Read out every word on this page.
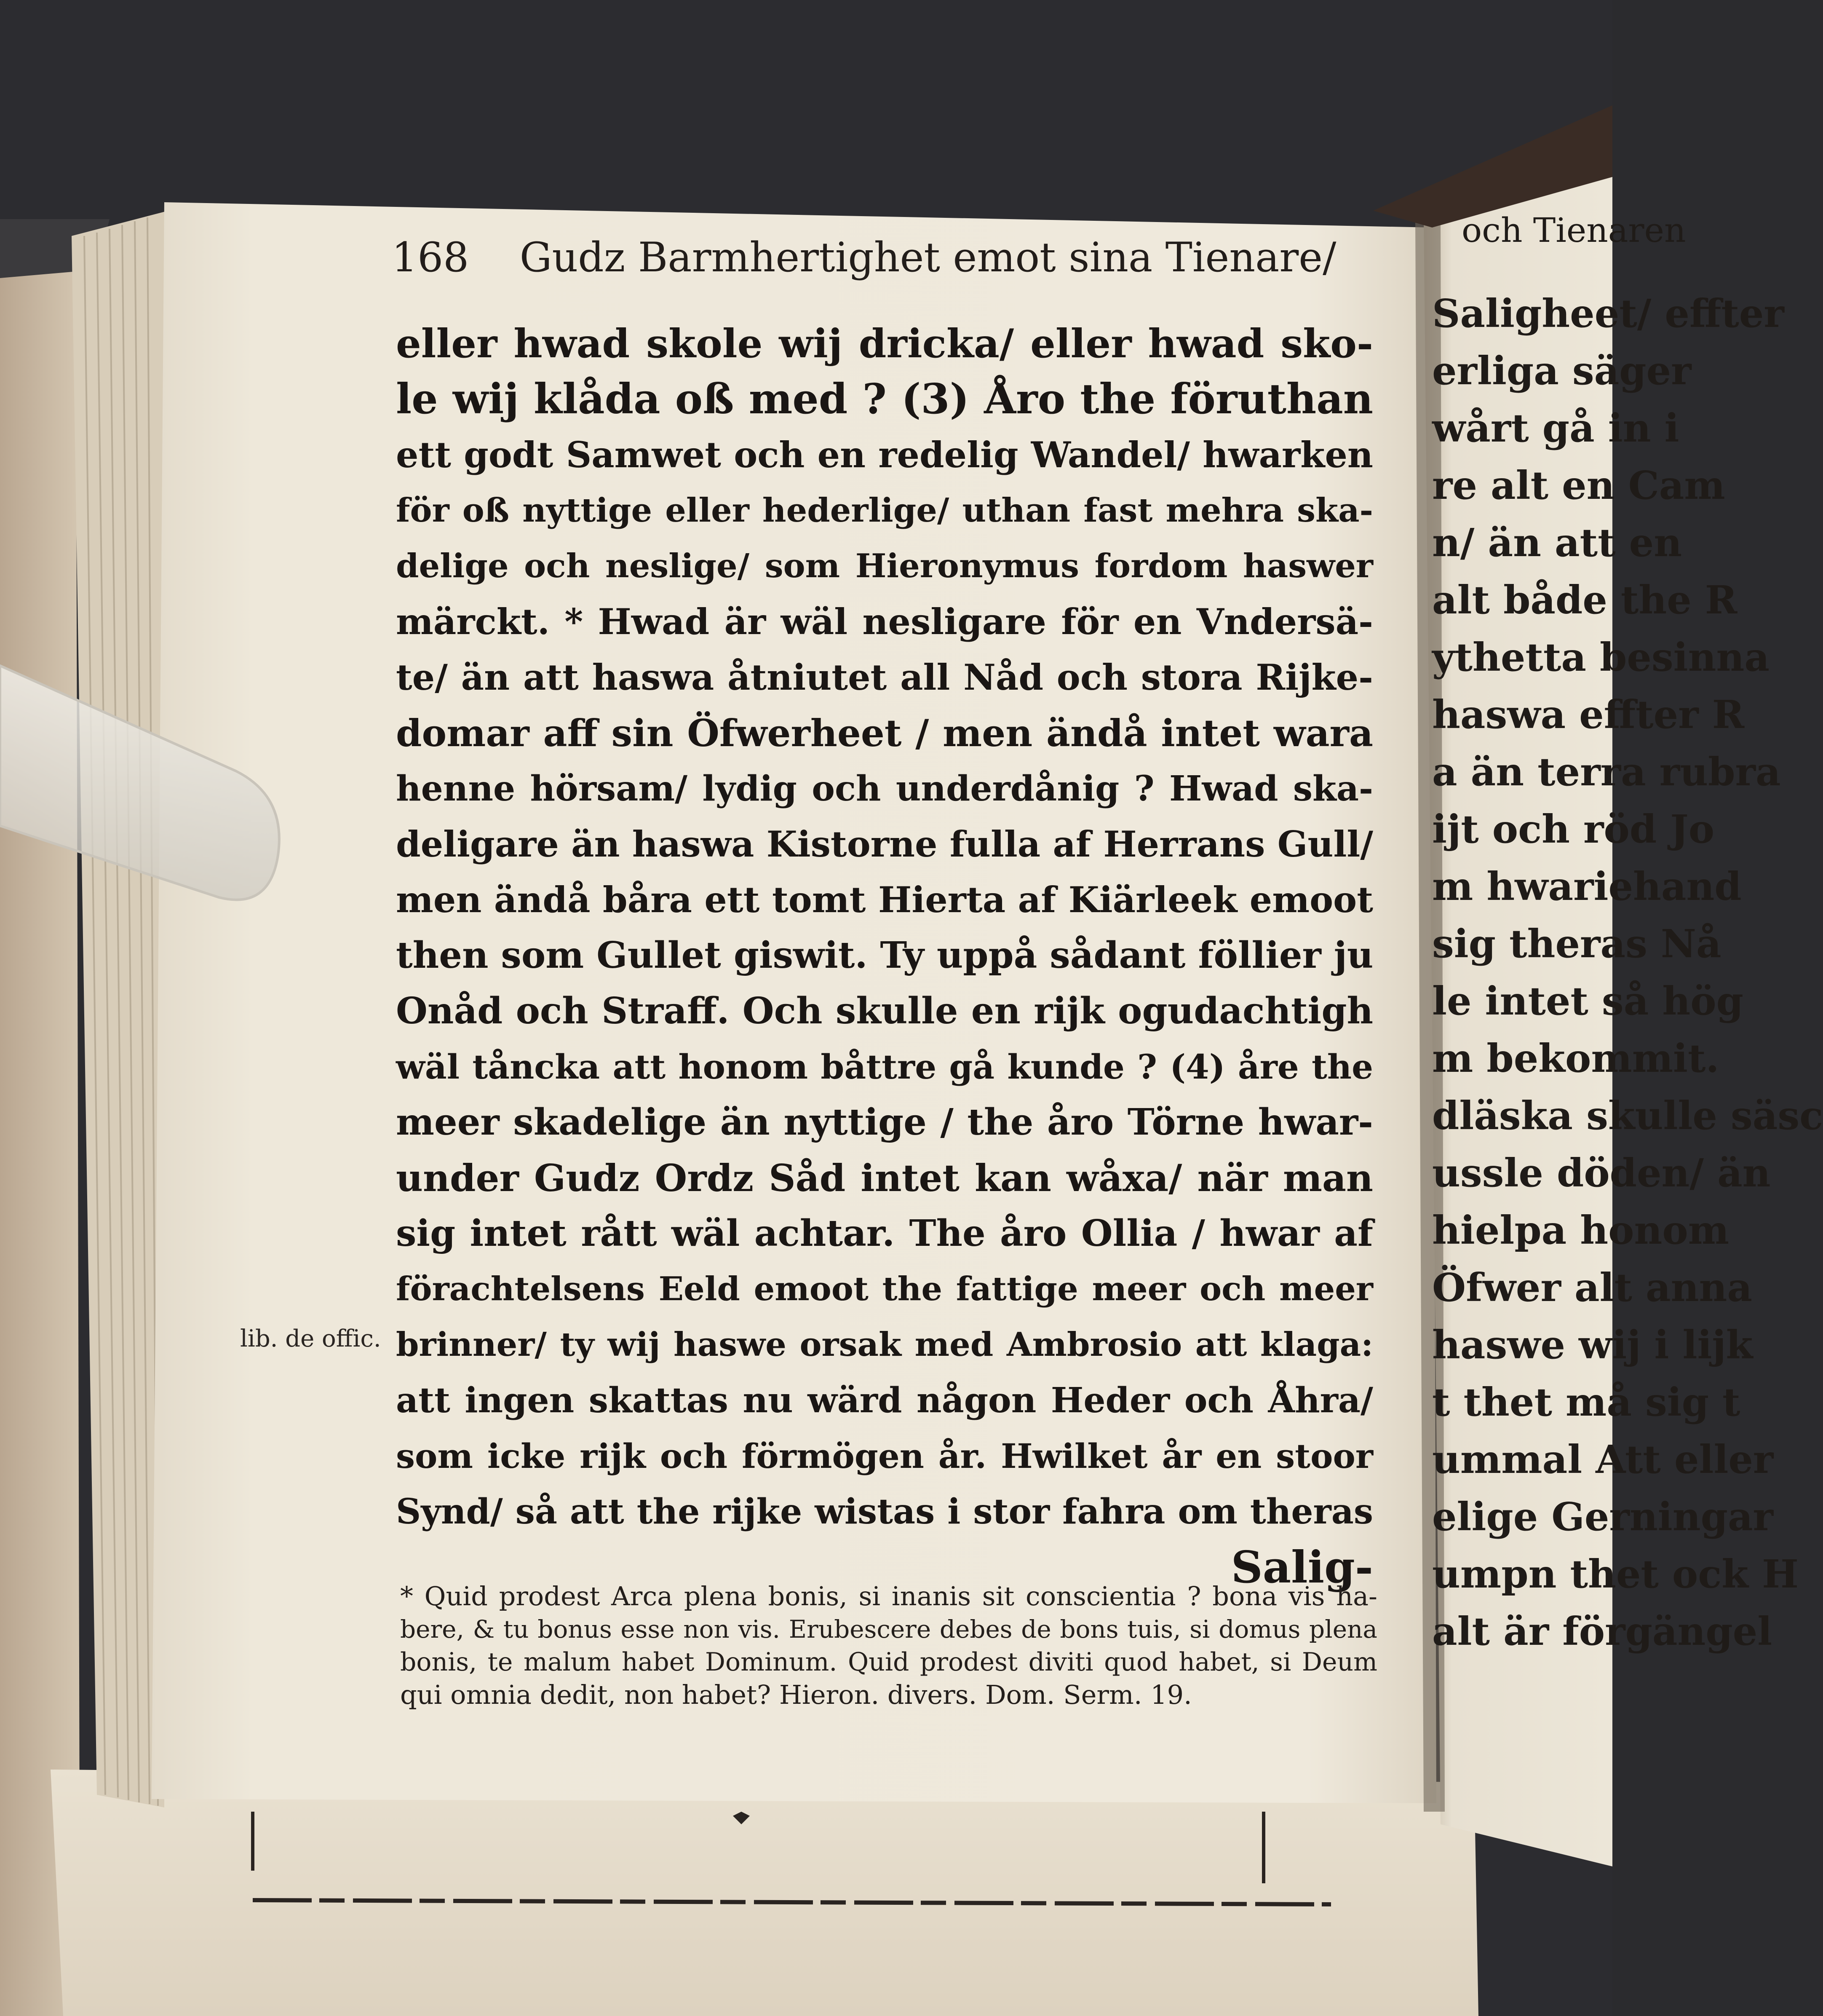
168 Gudz Barmhertighet emot sina Tienare/
eller hwad skole wij dricka/ eller hwad sko-
le wij klåda oß med ? (3) Åro the föruthan
ett godt Samwet och en redelig Wandel/ hwarken
för oß nyttige eller hederlige/ uthan fast mehra ska-
delige och neslige/ som Hieronymus fordom haswer
märckt. * Hwad är wäl nesligare för en Vndersä-
te/ än att haswa åtniutet all Nåd och stora Rijke-
domar aff sin Öfwerheet / men ändå intet wara
henne hörsam/ lydig och underdånig ? Hwad ska-
deligare än haswa Kistorne fulla af Herrans Gull/
men ändå båra ett tomt Hierta af Kiärleek emoot
then som Gullet giswit. Ty uppå sådant föllier ju
Onåd och Straff. Och skulle en rijk ogudachtigh
wäl tåncka att honom båttre gå kunde ? (4) åre the
meer skadelige än nyttige / the åro Törne hwar-
under Gudz Ordz Såd intet kan wåxa/ när man
sig intet rått wäl achtar. The åro Ollia / hwar af
förachtelsens Eeld emoot the fattige meer och meer
brinner/ ty wij haswe orsak med Ambrosio att klaga:
att ingen skattas nu wärd någon Heder och Åhra/
som icke rijk och förmögen år. Hwilket år en stoor
Synd/ så att the rijke wistas i stor fahra om theras
Salig-
lib. de offic.
* Quid prodest Arca plena bonis, si inanis sit conscientia ? bona vis ha-
bere, & tu bonus esse non vis. Erubescere debes de bons tuis, si domus plena
bonis, te malum habet Dominum. Quid prodest diviti quod habet, si Deum
qui omnia dedit, non habet? Hieron. divers. Dom. Serm. 19.
och Tienaren
Saligheet/ effter
erliga säger
wårt gå in i
re alt en Cam
n/ än att en
alt både the R
ythetta besinna
haswa effter R
a än terra rubra
ijt och röd Jo
m hwariehand
sig theras Nå
le intet så hög
m bekommit.
dläska skulle säsc
ussle döden/ än
hielpa honom
Öfwer alt anna
haswe wij i lijk
t thet må sig t
ummal Att eller
elige Gerningar
umpn thet ock H
alt är förgängel
